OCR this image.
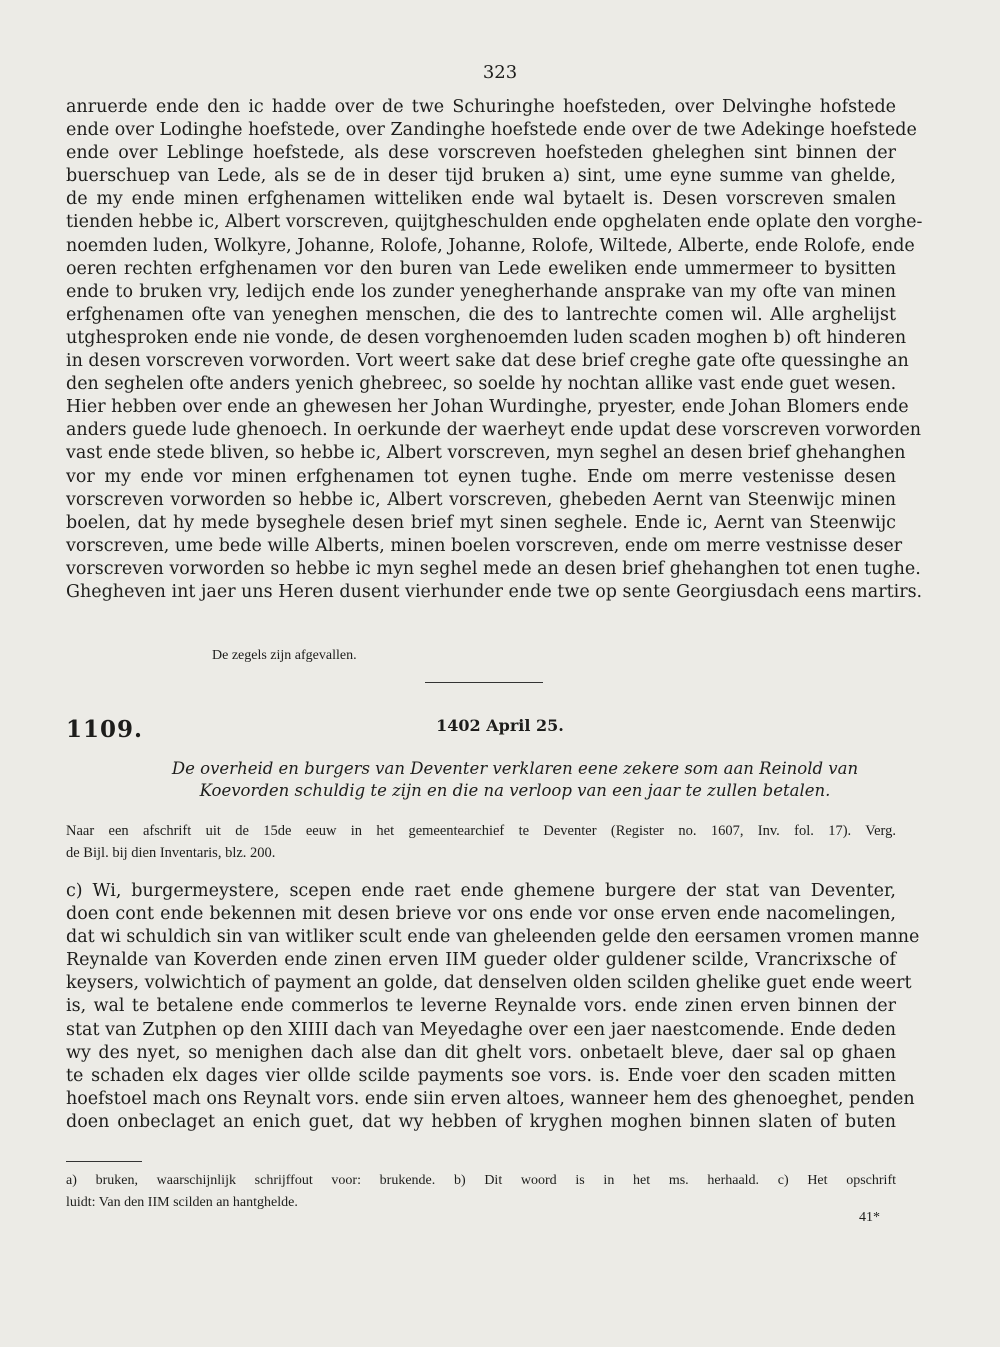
323
anruerde ende den ic hadde over de twe Schuringhe hoefsteden, over Delvinghe hofstede
ende over Lodinghe hoefstede, over Zandinghe hoefstede ende over de twe Adekinge hoefstede
ende over Leblinge hoefstede, als dese vorscreven hoefsteden gheleghen sint binnen der
buerschuep van Lede, als se de in deser tijd bruken a) sint, ume eyne summe van ghelde,
de my ende minen erfghenamen witteliken ende wal bytaelt is. Desen vorscreven smalen
tienden hebbe ic, Albert vorscreven, quijtgheschulden ende opghelaten ende oplate den vorghe-
noemden luden, Wolkyre, Johanne, Rolofe, Johanne, Rolofe, Wiltede, Alberte, ende Rolofe, ende
oeren rechten erfghenamen vor den buren van Lede eweliken ende ummermeer to bysitten
ende to bruken vry, ledijch ende los zunder yenegherhande ansprake van my ofte van minen
erfghenamen ofte van yeneghen menschen, die des to lantrechte comen wil. Alle arghelijst
utghesproken ende nie vonde, de desen vorghenoemden luden scaden moghen b) oft hinderen
in desen vorscreven vorworden. Vort weert sake dat dese brief creghe gate ofte quessinghe an
den seghelen ofte anders yenich ghebreec, so soelde hy nochtan allike vast ende guet wesen.
Hier hebben over ende an ghewesen her Johan Wurdinghe, pryester, ende Johan Blomers ende
anders guede lude ghenoech. In oerkunde der waerheyt ende updat dese vorscreven vorworden
vast ende stede bliven, so hebbe ic, Albert vorscreven, myn seghel an desen brief ghehanghen
vor my ende vor minen erfghenamen tot eynen tughe. Ende om merre vestenisse desen
vorscreven vorworden so hebbe ic, Albert vorscreven, ghebeden Aernt van Steenwijc minen
boelen, dat hy mede byseghele desen brief myt sinen seghele. Ende ic, Aernt van Steenwijc
vorscreven, ume bede wille Alberts, minen boelen vorscreven, ende om merre vestnisse deser
vorscreven vorworden so hebbe ic myn seghel mede an desen brief ghehanghen tot enen tughe.
Ghegheven int jaer uns Heren dusent vierhunder ende twe op sente Georgiusdach eens martirs.
De zegels zijn afgevallen.
1109.	1402 April 25.
De overheid en burgers van Deventer verklaren eene zekere som aan Reinold van
Koevorden schuldig te zijn en die na verloop van een jaar te zullen betalen.
Naar een afschrift uit de 15de eeuw in het gemeentearchief te Deventer (Register no. 1607, Inv. fol. 17). Verg.
de Bijl. bij dien Inventaris, blz. 200.
c) Wi, burgermeystere, scepen ende raet ende ghemene burgere der stat van Deventer,
doen cont ende bekennen mit desen brieve vor ons ende vor onse erven ende nacomelingen,
dat wi schuldich sin van witliker scult ende van gheleenden gelde den eersamen vromen manne
Reynalde van Koverden ende zinen erven IIM gueder older guldener scilde, Vrancrixsche of
keysers, volwichtich of payment an golde, dat denselven olden scilden ghelike guet ende weert
is, wal te betalene ende commerlos te leverne Reynalde vors. ende zinen erven binnen der
stat van Zutphen op den XIIII dach van Meyedaghe over een jaer naestcomende. Ende deden
wy des nyet, so menighen dach alse dan dit ghelt vors. onbetaelt bleve, daer sal op ghaen
te schaden elx dages vier ollde scilde payments soe vors. is. Ende voer den scaden mitten
hoefstoel mach ons Reynalt vors. ende siin erven altoes, wanneer hem des ghenoeghet, penden
doen onbeclaget an enich guet, dat wy hebben of kryghen moghen binnen slaten of buten
a) bruken, waarschijnlijk schrijffout voor: brukende. b) Dit woord is in het ms. herhaald. c) Het opschrift
luidt: Van den IIM scilden an hantghelde.
41*
